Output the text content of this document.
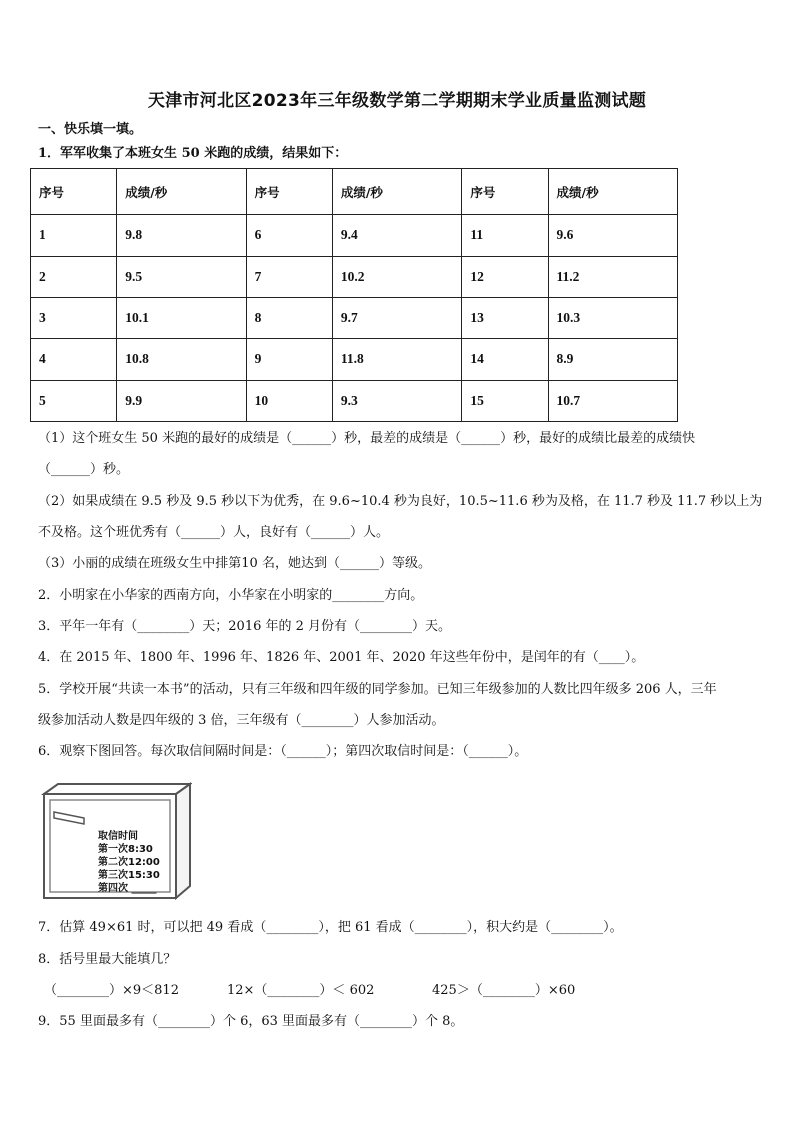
天津市河北区2023年三年级数学第二学期期末学业质量监测试题
一、快乐填一填。
1．军军收集了本班女生 50 米跑的成绩，结果如下：
序号	成绩/秒	序号	成绩/秒	序号	成绩/秒
1	9.8	6	9.4	11	9.6
2	9.5	7	10.2	12	11.2
3	10.1	8	9.7	13	10.3
4	10.8	9	11.8	14	8.9
5	9.9	10	9.3	15	10.7
（1）这个班女生 50 米跑的最好的成绩是（______）秒，最差的成绩是（______）秒，最好的成绩比最差的成绩快
（______）秒。
（2）如果成绩在 9.5 秒及 9.5 秒以下为优秀，在 9.6~10.4 秒为良好，10.5~11.6 秒为及格，在 11.7 秒及 11.7 秒以上为
不及格。这个班优秀有（______）人，良好有（______）人。
（3）小丽的成绩在班级女生中排第10 名，她达到（______）等级。
2．小明家在小华家的西南方向，小华家在小明家的________方向。
3．平年一年有（________）天；2016 年的 2 月份有（________）天。
4．在 2015 年、1800 年、1996 年、1826 年、2001 年、2020 年这些年份中，是闰年的有（____）。
5．学校开展“共读一本书”的活动，只有三年级和四年级的同学参加。已知三年级参加的人数比四年级多 206 人，三年
级参加活动人数是四年级的 3 倍，三年级有（________）人参加活动。
6．观察下图回答。每次取信间隔时间是：（______）；第四次取信时间是：（______）。
取信时间
第一次8:30
第二次12:00
第三次15:30
第四次 _____
7．估算 49×61 时，可以把 49 看成（________），把 61 看成（________），积大约是（________）。
8．括号里最大能填几？
（________）×9＜812	12×（________）＜ 602	425＞（________）×60
9．55 里面最多有（________）个 6，63 里面最多有（________）个 8。
